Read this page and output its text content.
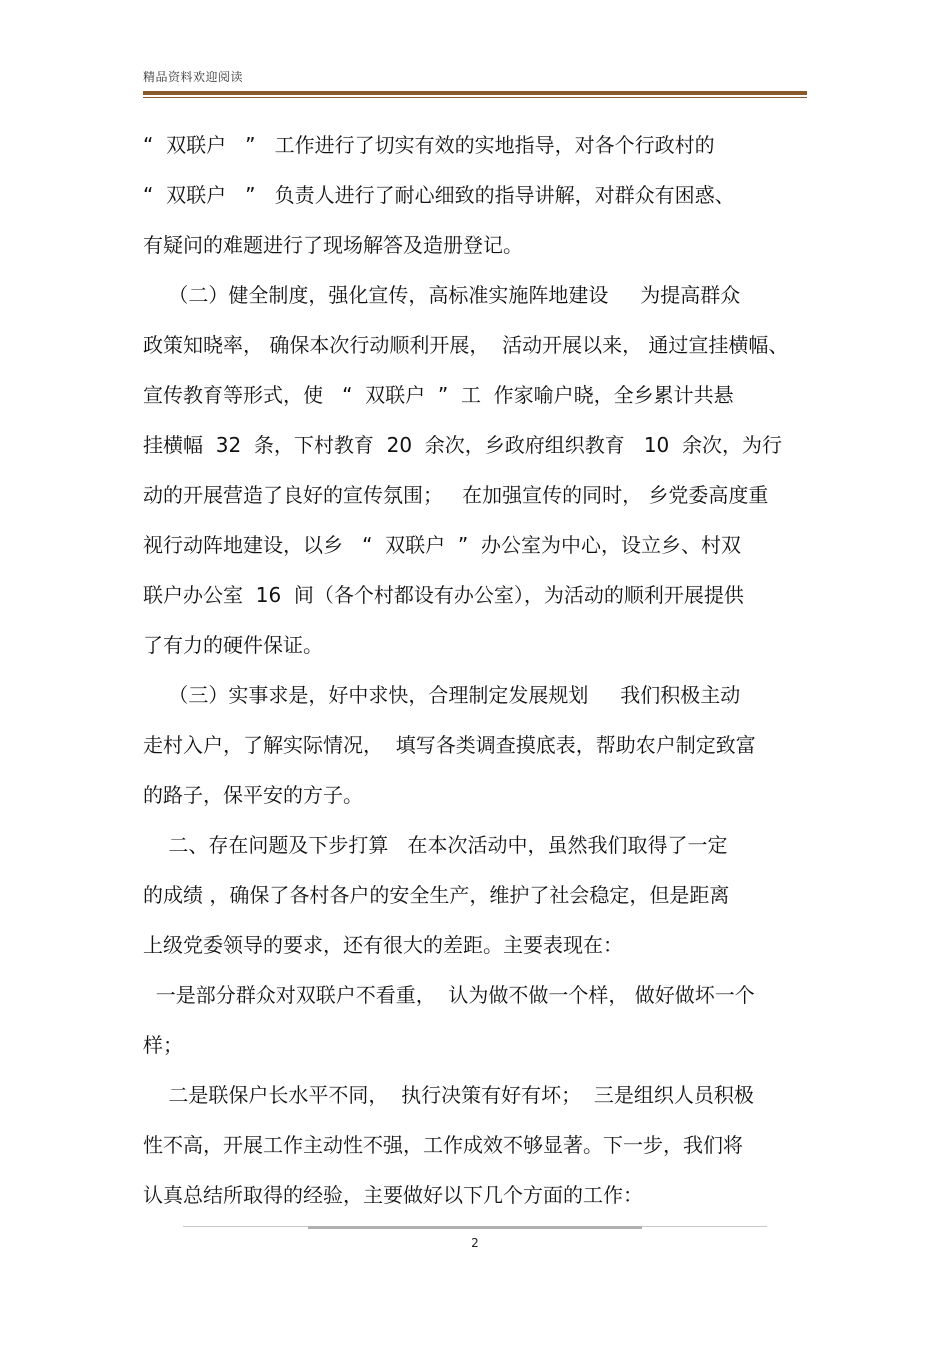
精品资料欢迎阅读
“  双联户   ”   工作进行了切实有效的实地指导，对各个行政村的
“  双联户   ”   负责人进行了耐心细致的指导讲解，对群众有困惑、
有疑问的难题进行了现场解答及造册登记。
（二）健全制度，强化宣传，高标准实施阵地建设     为提高群众
政策知晓率， 确保本次行动顺利开展，  活动开展以来， 通过宣挂横幅、
宣传教育等形式，使   “  双联户  ”  工  作家喻户晓，全乡累计共悬
挂横幅  32  条，下村教育  20  余次，乡政府组织教育   10  余次，为行
动的开展营造了良好的宣传氛围；   在加强宣传的同时， 乡党委高度重
视行动阵地建设，以乡   “  双联户  ”  办公室为中心，设立乡、村双
联户办公室  16  间（各个村都设有办公室），为活动的顺利开展提供
了有力的硬件保证。
（三）实事求是，好中求快，合理制定发展规划     我们积极主动
走村入户，了解实际情况，  填写各类调查摸底表，帮助农户制定致富
的路子，保平安的方子。
二、存在问题及下步打算   在本次活动中，虽然我们取得了一定
的成绩 ，确保了各村各户的安全生产，维护了社会稳定，但是距离
上级党委领导的要求，还有很大的差距。主要表现在：
一是部分群众对双联户不看重，  认为做不做一个样， 做好做坏一个
样；
二是联保户长水平不同，  执行决策有好有坏；  三是组织人员积极
性不高，开展工作主动性不强，工作成效不够显著。下一步，我们将
认真总结所取得的经验，主要做好以下几个方面的工作：
2
